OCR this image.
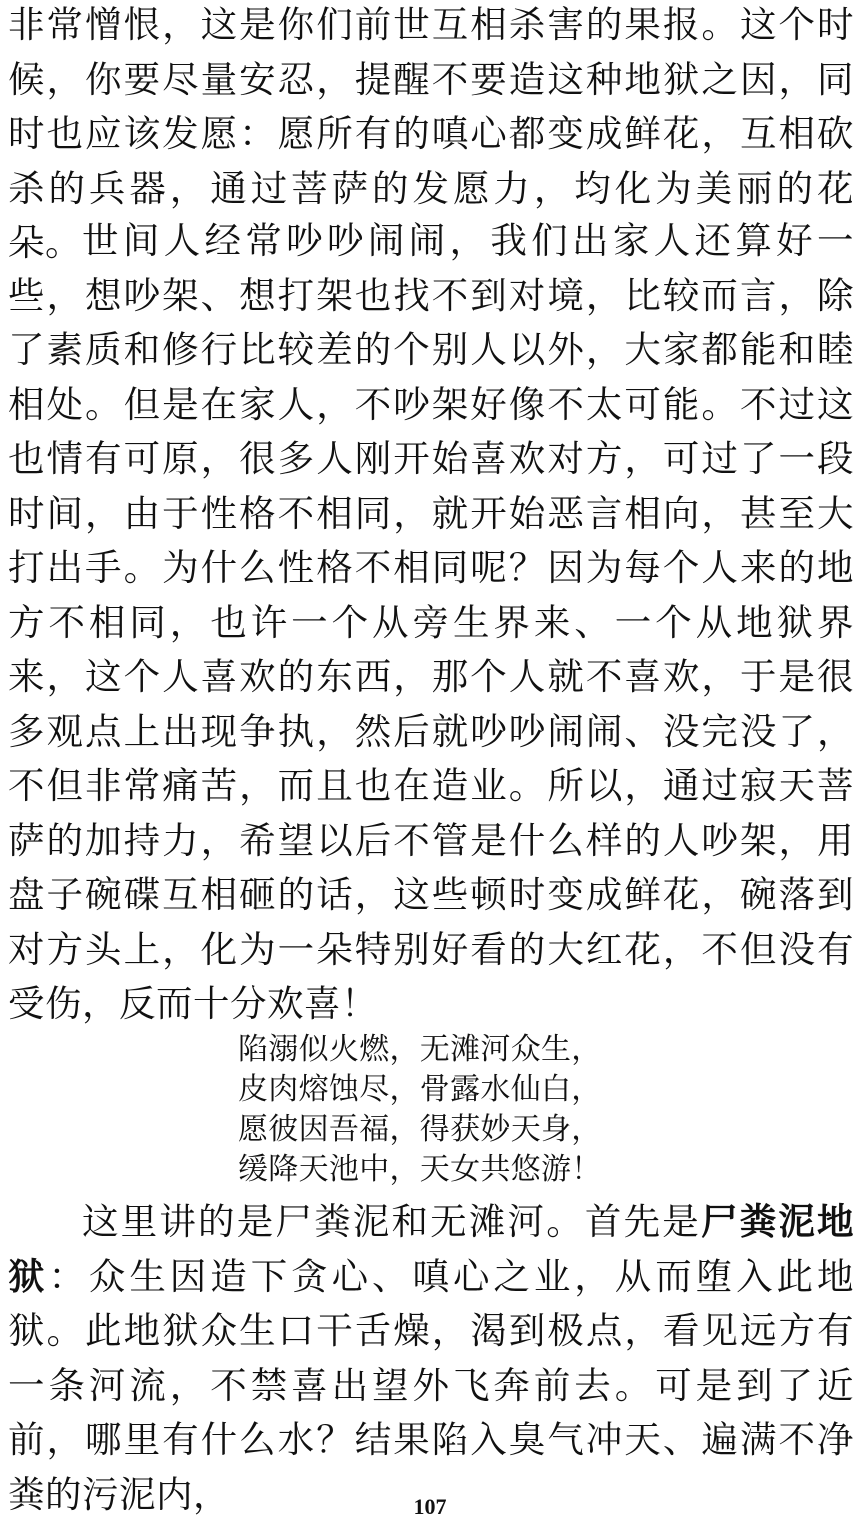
非常憎恨，这是你们前世互相杀害的果报。这个时候，你要尽量安忍，提醒不要造这种地狱之因，同时也应该发愿：愿所有的嗔心都变成鲜花，互相砍杀的兵器，通过菩萨的发愿力，均化为美丽的花朵。 世间人经常吵吵闹闹，我们出家人还算好一些，想吵架、想打架也找不到对境，比较而言，除了素质和修行比较差的个别人以外，大家都能和睦相处。但是在家人，不吵架好像不太可能。不过这也情有可原，很多人刚开始喜欢对方，可过了一段时间，由于性格不相同，就开始恶言相向，甚至大打出手。为什么性格不相同呢？因为每个人来的地方不相同，也许一个从旁生界来、一个从地狱界来，这个人喜欢的东西，那个人就不喜欢，于是很多观点上出现争执，然后就吵吵闹闹、没完没了，不但非常痛苦，而且也在造业。所以，通过寂天菩萨的加持力，希望以后不管是什么样的人吵架，用盘子碗碟互相砸的话，这些顿时变成鲜花，碗落到对方头上，化为一朵特别好看的大红花，不但没有受伤，反而十分欢喜！
陷溺似火燃，无滩河众生，
皮肉熔蚀尽，骨露水仙白，
愿彼因吾福，得获妙天身，
缓降天池中，天女共悠游！
这里讲的是尸粪泥和无滩河。首先是尸粪泥地狱：众生因造下贪心、嗔心之业，从而堕入此地狱。此地狱众生口干舌燥，渴到极点，看见远方有一条河流，不禁喜出望外飞奔前去。可是到了近前，哪里有什么水？结果陷入臭气冲天、遍满不净粪的污泥内，	107
